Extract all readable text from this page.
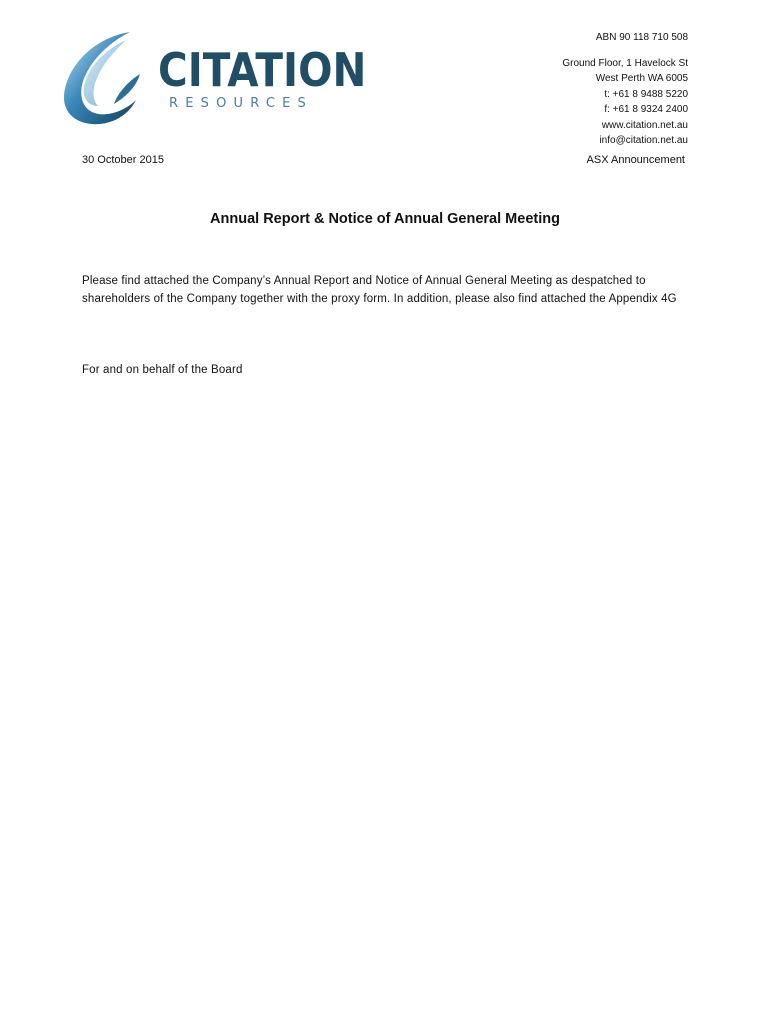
CITATION
RESOURCES
ABN 90 118 710 508
Ground Floor, 1 Havelock St
West Perth WA 6005
t: +61 8 9488 5220
f: +61 8 9324 2400
www.citation.net.au
info@citation.net.au
30 October 2015	ASX Announcement
Annual Report & Notice of Annual General Meeting
Please find attached the Company’s Annual Report and Notice of Annual General Meeting as despatched to shareholders of the Company together with the proxy form. In addition, please also find attached the Appendix 4G
For and on behalf of the Board
